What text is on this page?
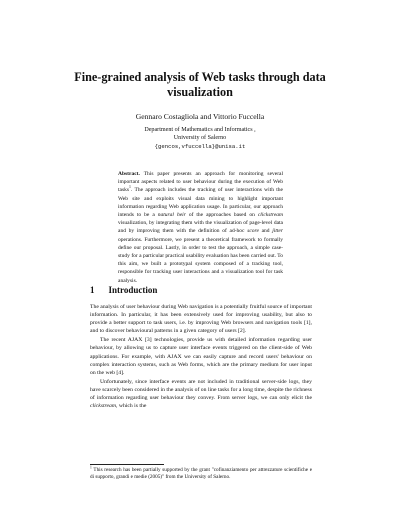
Fine-grained analysis of Web tasks through data visualization
Gennaro Costagliola and Vittorio Fuccella
Department of Mathematics and Informatics ,
University of Salerno
{gencos,vfuccella}@unisa.it
Abstract. This paper presents an approach for monitoring several important aspects related to user behaviour during the execution of Web tasks$^1$. The approach includes the tracking of user interactions with the Web site and exploits visual data mining to highlight important information regarding Web application usage. In particular, our approach intends to be a natural heir of the approaches based on clickstream visualization, by integrating them with the visualization of page-level data and by improving them with the definition of ad-hoc score and jitter operations. Furthermore, we present a theoretical framework to formally define our proposal. Lastly, in order to test the approach, a simple case-study for a particular practical usability evaluation has been carried out. To this aim, we built a prototypal system composed of a tracking tool, responsible for tracking user interactions and a visualization tool for task analysis.
1 Introduction

The analysis of user behaviour during Web navigation is a potentially fruitful source of important information. In particular, it has been extensively used for improving usability, but also to provide a better support to task users, i.e. by improving Web browsers and navigation tools [1], and to discover behavioural patterns in a given category of users [2].

The recent AJAX [3] technologies, provide us with detailed information regarding user behaviour, by allowing us to capture user interface events triggered on the client-side of Web applications. For example, with AJAX we can easily capture and record users' behaviour on complex interaction systems, such as Web forms, which are the primary medium for user input on the web [4].

Unfortunately, since interface events are not included in traditional server-side logs, they have scarcely been considered in the analysis of on line tasks for a long time, despite the richness of information regarding user behaviour they convey. From server logs, we can only elicit the clickstream, which is the

$^1$ This research has been partially supported by the grant "cofinanziamento per attrezzature scientifiche e di supporto, grandi e medie (2005)" from the University of Salerno.
